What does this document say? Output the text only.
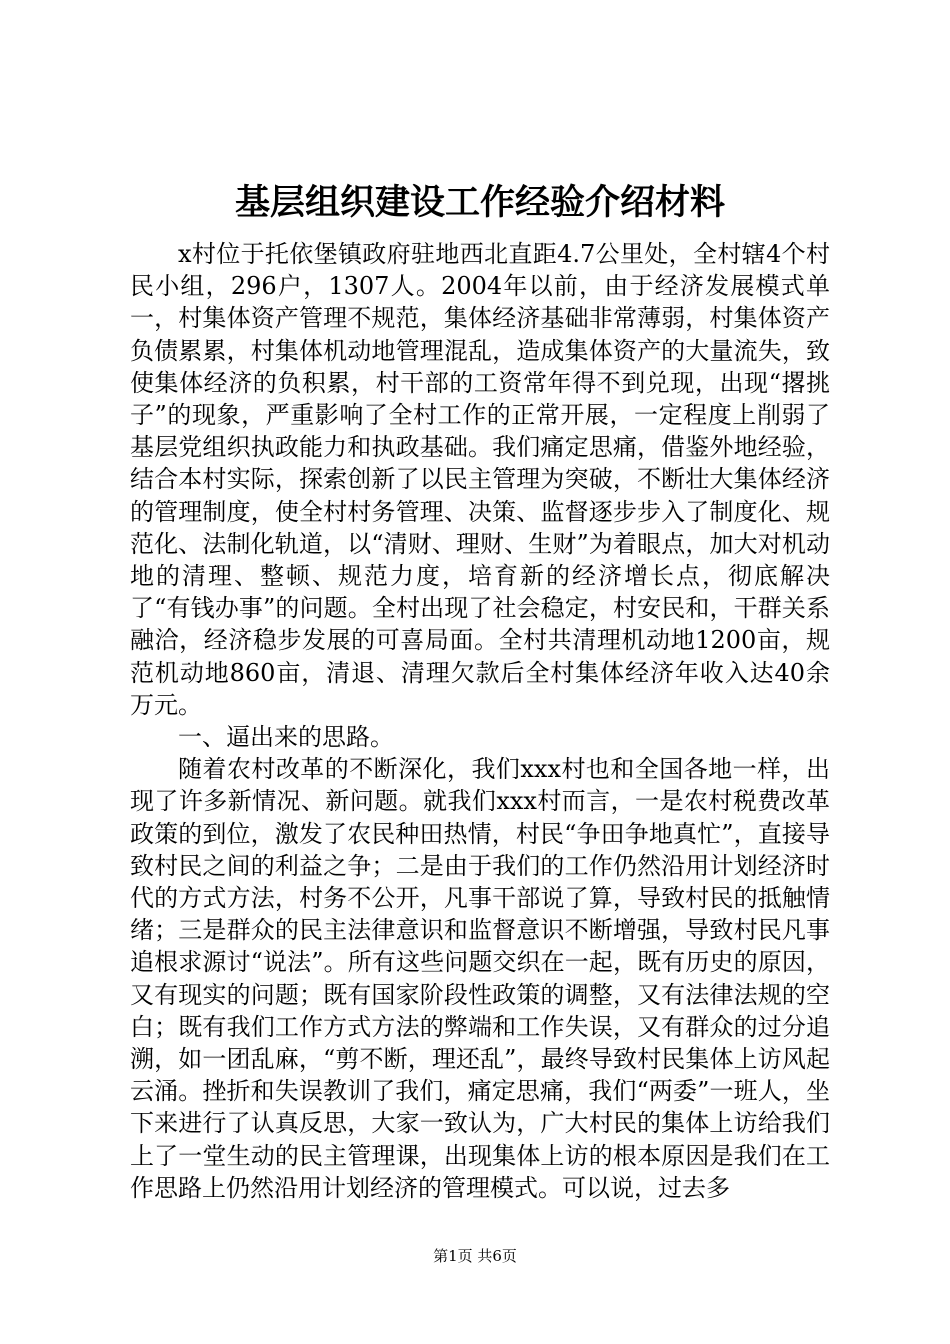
基层组织建设工作经验介绍材料

x村位于托依堡镇政府驻地西北直距4.7公里处，全村辖4个村民小组，296户，1307人。2004年以前，由于经济发展模式单一，村集体资产管理不规范，集体经济基础非常薄弱，村集体资产负债累累，村集体机动地管理混乱，造成集体资产的大量流失，致使集体经济的负积累，村干部的工资常年得不到兑现，出现“撂挑子”的现象，严重影响了全村工作的正常开展，一定程度上削弱了基层党组织执政能力和执政基础。我们痛定思痛，借鉴外地经验，结合本村实际，探索创新了以民主管理为突破，不断壮大集体经济的管理制度，使全村村务管理、决策、监督逐步步入了制度化、规范化、法制化轨道，以“清财、理财、生财”为着眼点，加大对机动地的清理、整顿、规范力度，培育新的经济增长点，彻底解决了“有钱办事”的问题。全村出现了社会稳定，村安民和，干群关系融洽，经济稳步发展的可喜局面。全村共清理机动地1200亩，规范机动地860亩，清退、清理欠款后全村集体经济年收入达40余万元。

一、逼出来的思路。

随着农村改革的不断深化，我们xxx村也和全国各地一样，出现了许多新情况、新问题。就我们xxx村而言，一是农村税费改革政策的到位，激发了农民种田热情，村民“争田争地真忙”，直接导致村民之间的利益之争；二是由于我们的工作仍然沿用计划经济时代的方式方法，村务不公开，凡事干部说了算，导致村民的抵触情绪；三是群众的民主法律意识和监督意识不断增强，导致村民凡事追根求源讨“说法”。所有这些问题交织在一起，既有历史的原因，又有现实的问题；既有国家阶段性政策的调整，又有法律法规的空白；既有我们工作方式方法的弊端和工作失误，又有群众的过分追溯，如一团乱麻，“剪不断，理还乱”，最终导致村民集体上访风起云涌。挫折和失误教训了我们，痛定思痛，我们“两委”一班人，坐下来进行了认真反思，大家一致认为，广大村民的集体上访给我们上了一堂生动的民主管理课，出现集体上访的根本原因是我们在工作思路上仍然沿用计划经济的管理模式。可以说，过去多

第1页 共6页
